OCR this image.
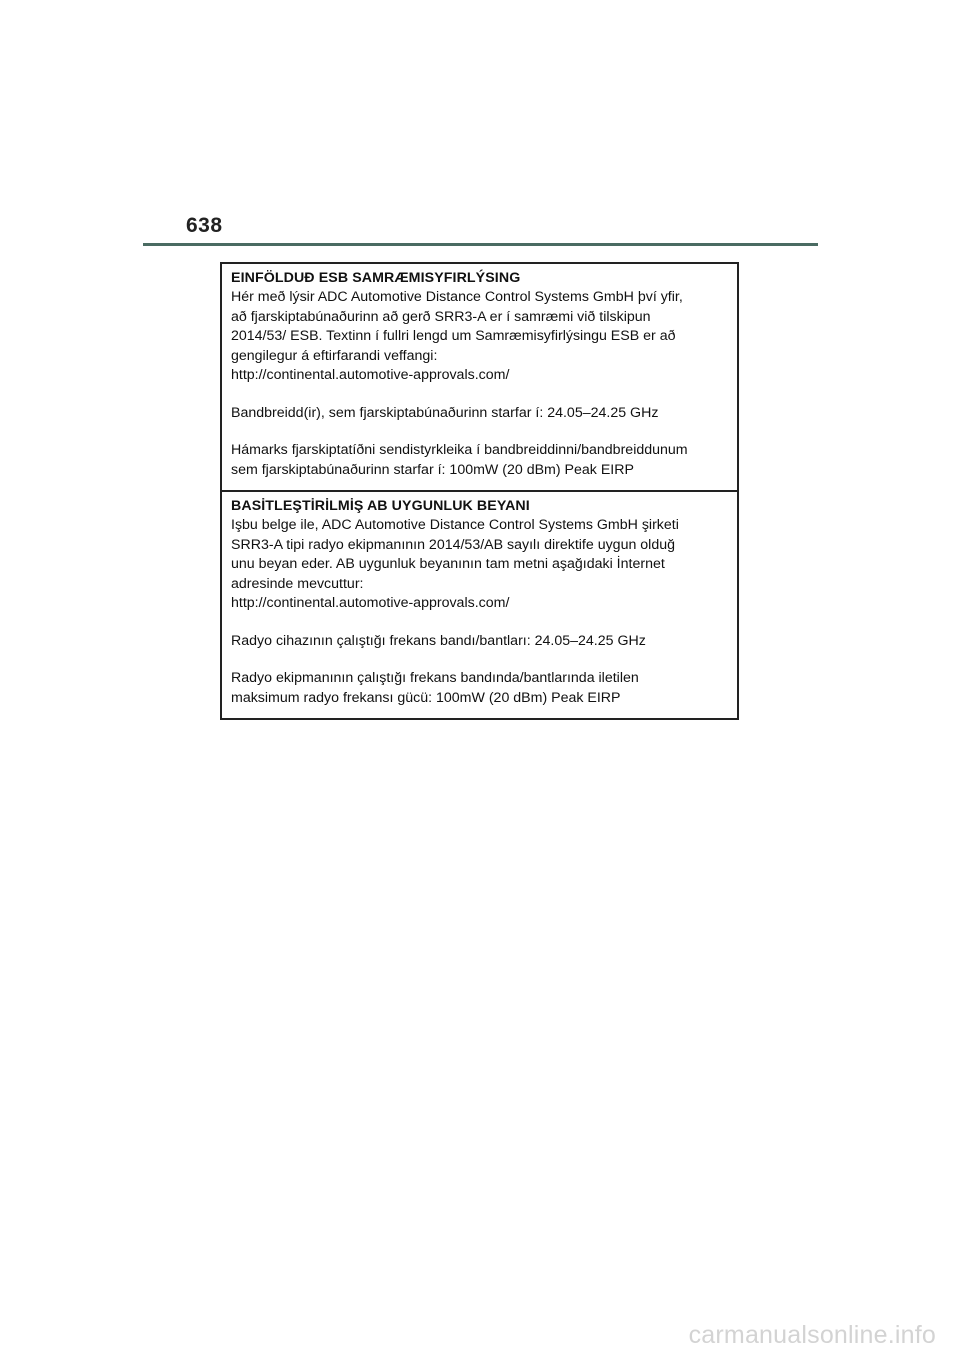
638

EINFÖLDUÐ ESB SAMRÆMISYFIRLÝSING

Hér með lýsir ADC Automotive Distance Control Systems GmbH því yfir,

að fjarskiptabúnaðurinn að gerð SRR3-A er í samræmi við tilskipun

2014/53/ ESB. Textinn í fullri lengd um Samræmisyfirlýsingu ESB er að

gengilegur á eftirfarandi veffangi:

http://continental.automotive-approvals.com/

Bandbreidd(ir), sem fjarskiptabúnaðurinn starfar í: 24.05–24.25 GHz

Hámarks fjarskiptatíðni sendistyrkleika í bandbreiddinni/bandbreiddunum

sem fjarskiptabúnaðurinn starfar í: 100mW (20 dBm) Peak EIRP

BASİTLEŞTİRİLMİŞ AB UYGUNLUK BEYANI

Işbu belge ile, ADC Automotive Distance Control Systems GmbH şirketi

SRR3-A tipi radyo ekipmanının 2014/53/AB sayılı direktife uygun olduğ

unu beyan eder. AB uygunluk beyanının tam metni aşağıdaki İnternet

adresinde mevcuttur:

http://continental.automotive-approvals.com/

Radyo cihazının çalıştığı frekans bandı/bantları: 24.05–24.25 GHz

Radyo ekipmanının çalıştığı frekans bandında/bantlarında iletilen

maksimum radyo frekansı gücü: 100mW (20 dBm) Peak EIRP

carmanualsonline.info
